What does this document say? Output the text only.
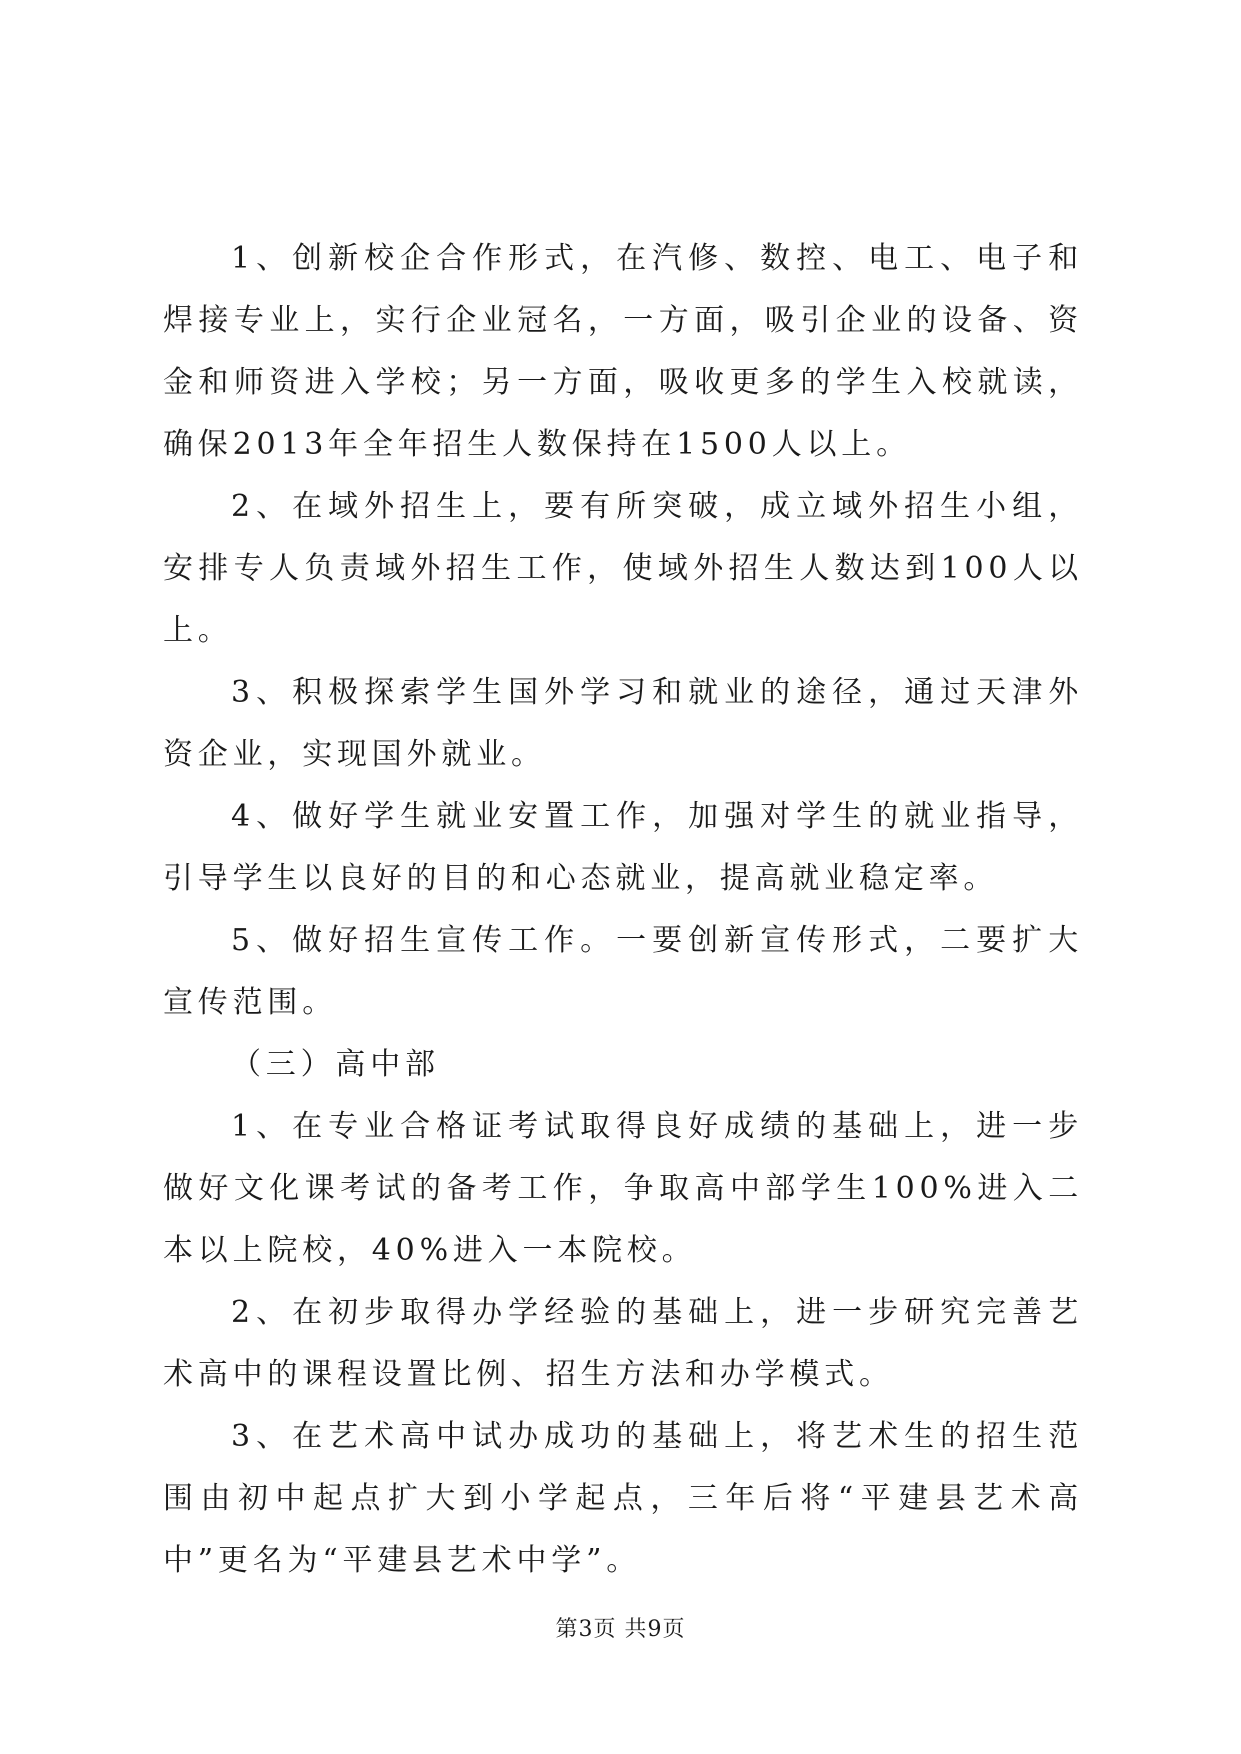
1、创新校企合作形式，在汽修、数控、电工、电子和焊接专业上，实行企业冠名，一方面，吸引企业的设备、资金和师资进入学校；另一方面，吸收更多的学生入校就读，确保2013年全年招生人数保持在1500人以上。

2、在域外招生上，要有所突破，成立域外招生小组，安排专人负责域外招生工作，使域外招生人数达到100人以上。

3、积极探索学生国外学习和就业的途径，通过天津外资企业，实现国外就业。

4、做好学生就业安置工作，加强对学生的就业指导，引导学生以良好的目的和心态就业，提高就业稳定率。

5、做好招生宣传工作。一要创新宣传形式，二要扩大宣传范围。

（三）高中部

1、在专业合格证考试取得良好成绩的基础上，进一步做好文化课考试的备考工作，争取高中部学生100%进入二本以上院校，40%进入一本院校。

2、在初步取得办学经验的基础上，进一步研究完善艺术高中的课程设置比例、招生方法和办学模式。

3、在艺术高中试办成功的基础上，将艺术生的招生范围由初中起点扩大到小学起点，三年后将“平建县艺术高中”更名为“平建县艺术中学”。

第3页 共9页
